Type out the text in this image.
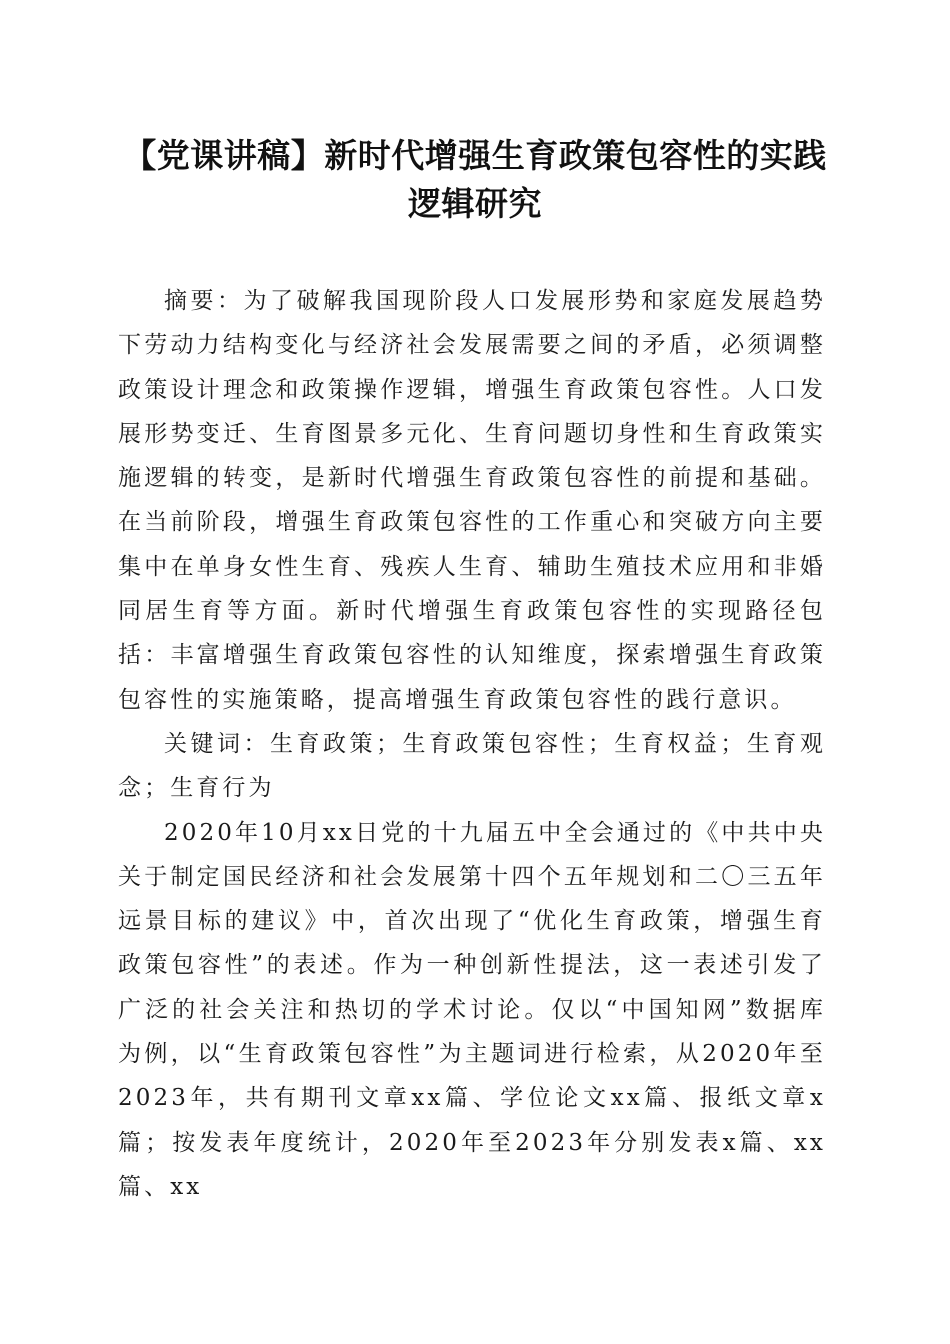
【党课讲稿】新时代增强生育政策包容性的实践逻辑研究

摘要：为了破解我国现阶段人口发展形势和家庭发展趋势下劳动力结构变化与经济社会发展需要之间的矛盾，必须调整政策设计理念和政策操作逻辑，增强生育政策包容性。人口发展形势变迁、生育图景多元化、生育问题切身性和生育政策实施逻辑的转变，是新时代增强生育政策包容性的前提和基础。在当前阶段，增强生育政策包容性的工作重心和突破方向主要集中在单身女性生育、残疾人生育、辅助生殖技术应用和非婚同居生育等方面。新时代增强生育政策包容性的实现路径包括：丰富增强生育政策包容性的认知维度，探索增强生育政策包容性的实施策略，提高增强生育政策包容性的践行意识。

关键词：生育政策；生育政策包容性；生育权益；生育观念；生育行为

2020年10月xx日党的十九届五中全会通过的《中共中央关于制定国民经济和社会发展第十四个五年规划和二〇三五年远景目标的建议》中，首次出现了“优化生育政策，增强生育政策包容性”的表述。作为一种创新性提法，这一表述引发了广泛的社会关注和热切的学术讨论。仅以“中国知网”数据库为例，以“生育政策包容性”为主题词进行检索，从2020年至2023年，共有期刊文章xx篇、学位论文xx篇、报纸文章x篇；按发表年度统计，2020年至2023年分别发表x篇、xx篇、xx
